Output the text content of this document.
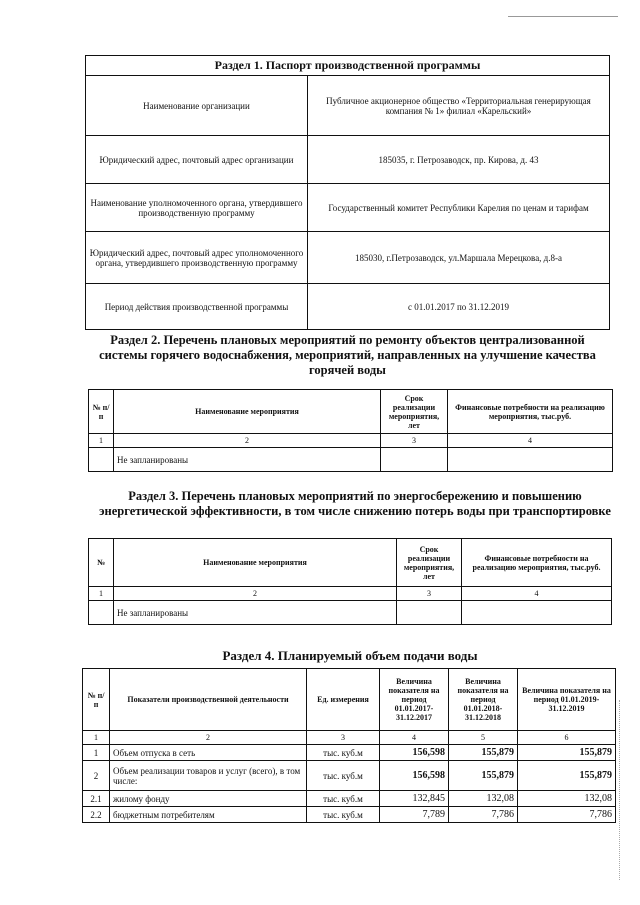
Раздел 1. Паспорт производственной программы	
Наименование организации	Публичное акционерное общество «Территориальная генерирующая компания № 1» филиал «Карельский»
Юридический адрес, почтовый адрес организации	185035, г. Петрозаводск, пр. Кирова, д. 43
Наименование уполномоченного органа, утвердившего производственную программу	Государственный комитет Республики Карелия по ценам и тарифам
Юридический адрес, почтовый адрес уполномоченного органа, утвердившего производственную программу	185030, г.Петрозаводск, ул.Маршала Мерецкова, д.8-а
Период действия производственной программы	с 01.01.2017 по 31.12.2019
Раздел 2. Перечень плановых мероприятий по ремонту объектов централизованной системы горячего водоснабжения, мероприятий, направленных на улучшение качества горячей воды
№ п/п	Наименование мероприятия	Срок реализации мероприятия, лет	Финансовые потребности на реализацию мероприятия, тыс.руб.
1	2	3	4
	Не запланированы		
Раздел 3. Перечень плановых мероприятий по энергосбережению и повышению энергетической эффективности, в том числе снижению потерь воды при транспортировке
№	Наименование мероприятия	Срок реализации мероприятия, лет	Финансовые потребности на реализацию мероприятия, тыс.руб.
1	2	3	4
	Не запланированы		
Раздел 4. Планируемый объем подачи воды
№ п/п	Показатели производственной деятельности	Ед. измерения	Величина показателя на период 01.01.2017-31.12.2017	Величина показателя на период 01.01.2018-31.12.2018	Величина показателя на период 01.01.2019-31.12.2019
1	2	3	4	5	6
1	Объем отпуска в сеть	тыс. куб.м	156,598	155,879	155,879
2	Объем реализации товаров и услуг (всего), в том числе:	тыс. куб.м	156,598	155,879	155,879
2.1	жилому фонду	тыс. куб.м	132,845	132,08	132,08
2.2	бюджетным потребителям	тыс. куб.м	7,789	7,786	7,786
